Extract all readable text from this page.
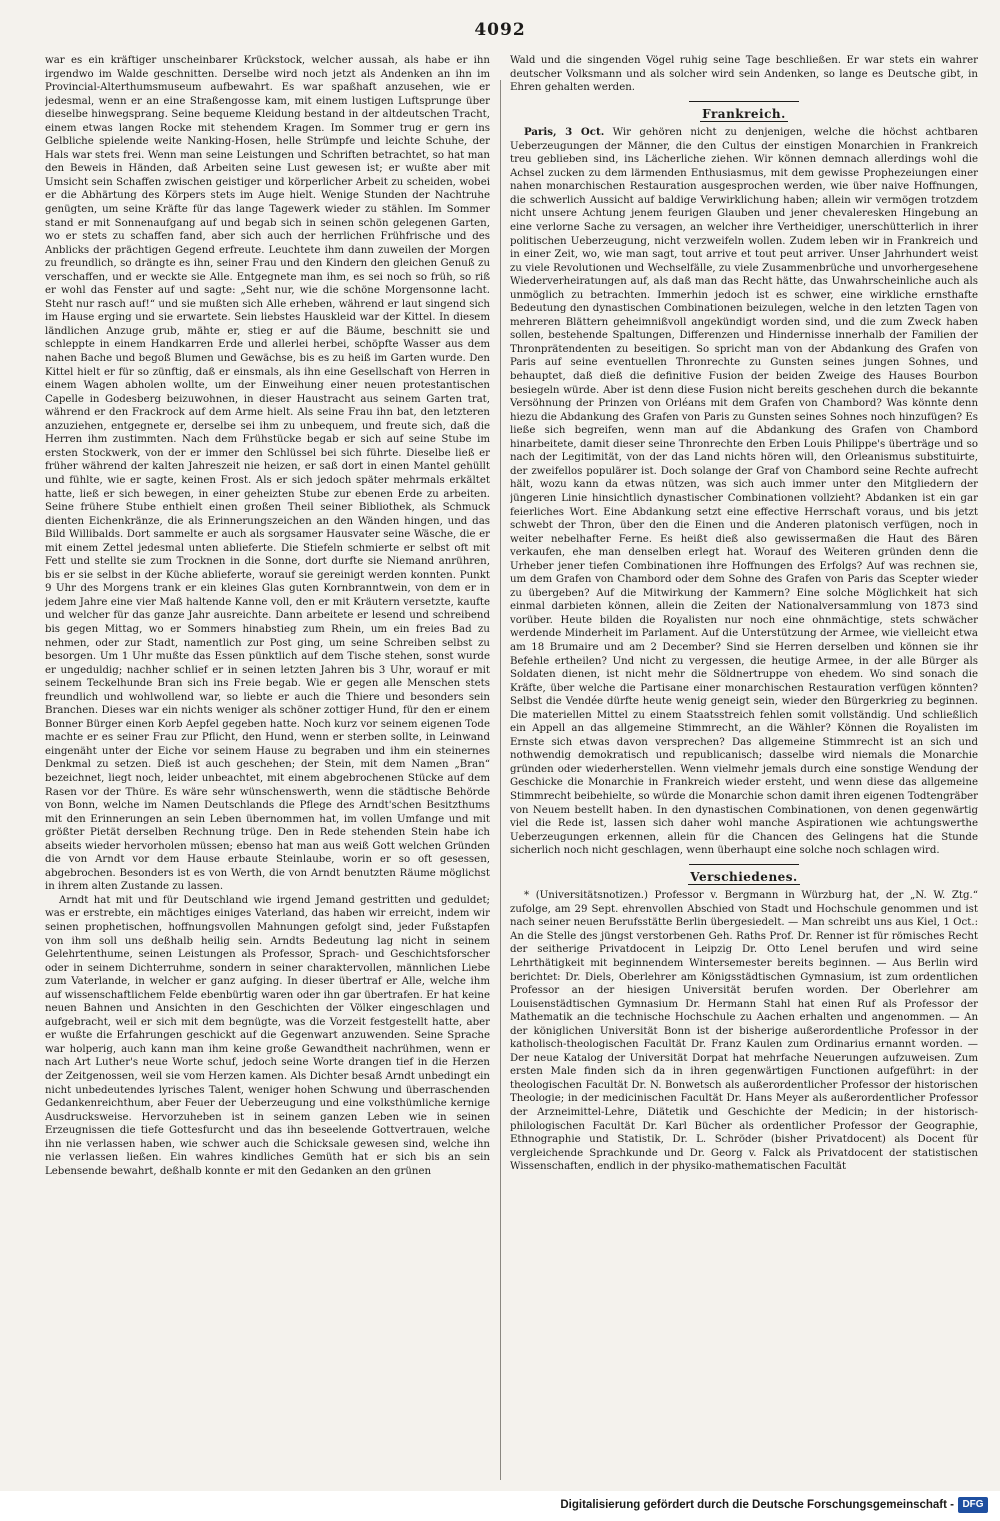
4092

war es ein kräftiger unscheinbarer Krückstock, welcher aussah, als habe er ihn irgendwo im Walde geschnitten. Derselbe wird noch jetzt als Andenken an ihn im Provincial-Alterthumsmuseum aufbewahrt. Es war spaßhaft anzusehen, wie er jedesmal, wenn er an eine Straßengosse kam, mit einem lustigen Luftsprunge über dieselbe hinwegsprang. Seine bequeme Kleidung bestand in der altdeutschen Tracht, einem etwas langen Rocke mit stehendem Kragen. Im Sommer trug er gern ins Gelbliche spielende weite Nanking-Hosen, helle Strümpfe und leichte Schuhe, der Hals war stets frei. Wenn man seine Leistungen und Schriften betrachtet, so hat man den Beweis in Händen, daß Arbeiten seine Lust gewesen ist; er wußte aber mit Umsicht sein Schaffen zwischen geistiger und körperlicher Arbeit zu scheiden, wobei er die Abhärtung des Körpers stets im Auge hielt. Wenige Stunden der Nachtruhe genügten, um seine Kräfte für das lange Tagewerk wieder zu stählen. Im Sommer stand er mit Sonnenaufgang auf und begab sich in seinen schön gelegenen Garten, wo er stets zu schaffen fand, aber sich auch der herrlichen Frühfrische und des Anblicks der prächtigen Gegend erfreute. Leuchtete ihm dann zuweilen der Morgen zu freundlich, so drängte es ihn, seiner Frau und den Kindern den gleichen Genuß zu verschaffen, und er weckte sie Alle. Entgegnete man ihm, es sei noch so früh, so riß er wohl das Fenster auf und sagte: „Seht nur, wie die schöne Morgensonne lacht. Steht nur rasch auf!“ und sie mußten sich Alle erheben, während er laut singend sich im Hause erging und sie erwartete. Sein liebstes Hauskleid war der Kittel. In diesem ländlichen Anzuge grub, mähte er, stieg er auf die Bäume, beschnitt sie und schleppte in einem Handkarren Erde und allerlei herbei, schöpfte Wasser aus dem nahen Bache und begoß Blumen und Gewächse, bis es zu heiß im Garten wurde. Den Kittel hielt er für so zünftig, daß er einsmals, als ihn eine Gesellschaft von Herren in einem Wagen abholen wollte, um der Einweihung einer neuen protestantischen Capelle in Godesberg beizuwohnen, in dieser Haustracht aus seinem Garten trat, während er den Frackrock auf dem Arme hielt. Als seine Frau ihn bat, den letzteren anzuziehen, entgegnete er, derselbe sei ihm zu unbequem, und freute sich, daß die Herren ihm zustimmten. Nach dem Frühstücke begab er sich auf seine Stube im ersten Stockwerk, von der er immer den Schlüssel bei sich führte. Dieselbe ließ er früher während der kalten Jahreszeit nie heizen, er saß dort in einen Mantel gehüllt und fühlte, wie er sagte, keinen Frost. Als er sich jedoch später mehrmals erkältet hatte, ließ er sich bewegen, in einer geheizten Stube zur ebenen Erde zu arbeiten. Seine frühere Stube enthielt einen großen Theil seiner Bibliothek, als Schmuck dienten Eichenkränze, die als Erinnerungszeichen an den Wänden hingen, und das Bild Willibalds. Dort sammelte er auch als sorgsamer Hausvater seine Wäsche, die er mit einem Zettel jedesmal unten ablieferte. Die Stiefeln schmierte er selbst oft mit Fett und stellte sie zum Trocknen in die Sonne, dort durfte sie Niemand anrühren, bis er sie selbst in der Küche ablieferte, worauf sie gereinigt werden konnten. Punkt 9 Uhr des Morgens trank er ein kleines Glas guten Kornbranntwein, von dem er in jedem Jahre eine vier Maß haltende Kanne voll, den er mit Kräutern versetzte, kaufte und welcher für das ganze Jahr ausreichte. Dann arbeitete er lesend und schreibend bis gegen Mittag, wo er Sommers hinabstieg zum Rhein, um ein freies Bad zu nehmen, oder zur Stadt, namentlich zur Post ging, um seine Schreiben selbst zu besorgen. Um 1 Uhr mußte das Essen pünktlich auf dem Tische stehen, sonst wurde er ungeduldig; nachher schlief er in seinen letzten Jahren bis 3 Uhr, worauf er mit seinem Teckelhunde Bran sich ins Freie begab. Wie er gegen alle Menschen stets freundlich und wohlwollend war, so liebte er auch die Thiere und besonders sein Branchen. Dieses war ein nichts weniger als schöner zottiger Hund, für den er einem Bonner Bürger einen Korb Aepfel gegeben hatte. Noch kurz vor seinem eigenen Tode machte er es seiner Frau zur Pflicht, den Hund, wenn er sterben sollte, in Leinwand eingenäht unter der Eiche vor seinem Hause zu begraben und ihm ein steinernes Denkmal zu setzen. Dieß ist auch geschehen; der Stein, mit dem Namen „Bran“ bezeichnet, liegt noch, leider unbeachtet, mit einem abgebrochenen Stücke auf dem Rasen vor der Thüre. Es wäre sehr wünschenswerth, wenn die städtische Behörde von Bonn, welche im Namen Deutschlands die Pflege des Arndt'schen Besitzthums mit den Erinnerungen an sein Leben übernommen hat, im vollen Umfange und mit größter Pietät derselben Rechnung trüge. Den in Rede stehenden Stein habe ich abseits wieder hervorholen müssen; ebenso hat man aus weiß Gott welchen Gründen die von Arndt vor dem Hause erbaute Steinlaube, worin er so oft gesessen, abgebrochen. Besonders ist es von Werth, die von Arndt benutzten Räume möglichst in ihrem alten Zustande zu lassen.

Arndt hat mit und für Deutschland wie irgend Jemand gestritten und geduldet; was er erstrebte, ein mächtiges einiges Vaterland, das haben wir erreicht, indem wir seinen prophetischen, hoffnungsvollen Mahnungen gefolgt sind, jeder Fußstapfen von ihm soll uns deßhalb heilig sein. Arndts Bedeutung lag nicht in seinem Gelehrtenthume, seinen Leistungen als Professor, Sprach- und Geschichtsforscher oder in seinem Dichterruhme, sondern in seiner charaktervollen, männlichen Liebe zum Vaterlande, in welcher er ganz aufging. In dieser übertraf er Alle, welche ihm auf wissenschaftlichem Felde ebenbürtig waren oder ihn gar übertrafen. Er hat keine neuen Bahnen und Ansichten in den Geschichten der Völker eingeschlagen und aufgebracht, weil er sich mit dem begnügte, was die Vorzeit festgestellt hatte, aber er wußte die Erfahrungen geschickt auf die Gegenwart anzuwenden. Seine Sprache war holperig, auch kann man ihm keine große Gewandtheit nachrühmen, wenn er nach Art Luther's neue Worte schuf, jedoch seine Worte drangen tief in die Herzen der Zeitgenossen, weil sie vom Herzen kamen. Als Dichter besaß Arndt unbedingt ein nicht unbedeutendes lyrisches Talent, weniger hohen Schwung und überraschenden Gedankenreichthum, aber Feuer der Ueberzeugung und eine volksthümliche kernige Ausdrucksweise. Hervorzuheben ist in seinem ganzen Leben wie in seinen Erzeugnissen die tiefe Gottesfurcht und das ihn beseelende Gottvertrauen, welche ihn nie verlassen haben, wie schwer auch die Schicksale gewesen sind, welche ihn nie verlassen ließen. Ein wahres kindliches Gemüth hat er sich bis an sein Lebensende bewahrt, deßhalb konnte er mit den Gedanken an den grünen

Wald und die singenden Vögel ruhig seine Tage beschließen. Er war stets ein wahrer deutscher Volksmann und als solcher wird sein Andenken, so lange es Deutsche gibt, in Ehren gehalten werden.

Frankreich.

Paris, 3 Oct. Wir gehören nicht zu denjenigen, welche die höchst achtbaren Ueberzeugungen der Männer, die den Cultus der einstigen Monarchien in Frankreich treu geblieben sind, ins Lächerliche ziehen. Wir können demnach allerdings wohl die Achsel zucken zu dem lärmenden Enthusiasmus, mit dem gewisse Prophezeiungen einer nahen monarchischen Restauration ausgesprochen werden, wie über naive Hoffnungen, die schwerlich Aussicht auf baldige Verwirklichung haben; allein wir vermögen trotzdem nicht unsere Achtung jenem feurigen Glauben und jener chevaleresken Hingebung an eine verlorne Sache zu versagen, an welcher ihre Vertheidiger, unerschütterlich in ihrer politischen Ueberzeugung, nicht verzweifeln wollen. Zudem leben wir in Frankreich und in einer Zeit, wo, wie man sagt, tout arrive et tout peut arriver. Unser Jahrhundert weist zu viele Revolutionen und Wechselfälle, zu viele Zusammenbrüche und unvorhergesehene Wiederverheiratungen auf, als daß man das Recht hätte, das Unwahrscheinliche auch als unmöglich zu betrachten. Immerhin jedoch ist es schwer, eine wirkliche ernsthafte Bedeutung den dynastischen Combinationen beizulegen, welche in den letzten Tagen von mehreren Blättern geheimnißvoll angekündigt worden sind, und die zum Zweck haben sollen, bestehende Spaltungen, Differenzen und Hindernisse innerhalb der Familien der Thronprätendenten zu beseitigen. So spricht man von der Abdankung des Grafen von Paris auf seine eventuellen Thronrechte zu Gunsten seines jungen Sohnes, und behauptet, daß dieß die definitive Fusion der beiden Zweige des Hauses Bourbon besiegeln würde. Aber ist denn diese Fusion nicht bereits geschehen durch die bekannte Versöhnung der Prinzen von Orléans mit dem Grafen von Chambord? Was könnte denn hiezu die Abdankung des Grafen von Paris zu Gunsten seines Sohnes noch hinzufügen? Es ließe sich begreifen, wenn man auf die Abdankung des Grafen von Chambord hinarbeitete, damit dieser seine Thronrechte den Erben Louis Philippe's überträge und so nach der Legitimität, von der das Land nichts hören will, den Orleanismus substituirte, der zweifellos populärer ist. Doch solange der Graf von Chambord seine Rechte aufrecht hält, wozu kann da etwas nützen, was sich auch immer unter den Mitgliedern der jüngeren Linie hinsichtlich dynastischer Combinationen vollzieht? Abdanken ist ein gar feierliches Wort. Eine Abdankung setzt eine effective Herrschaft voraus, und bis jetzt schwebt der Thron, über den die Einen und die Anderen platonisch verfügen, noch in weiter nebelhafter Ferne. Es heißt dieß also gewissermaßen die Haut des Bären verkaufen, ehe man denselben erlegt hat. Worauf des Weiteren gründen denn die Urheber jener tiefen Combinationen ihre Hoffnungen des Erfolgs? Auf was rechnen sie, um dem Grafen von Chambord oder dem Sohne des Grafen von Paris das Scepter wieder zu übergeben? Auf die Mitwirkung der Kammern? Eine solche Möglichkeit hat sich einmal darbieten können, allein die Zeiten der Nationalversammlung von 1873 sind vorüber. Heute bilden die Royalisten nur noch eine ohnmächtige, stets schwächer werdende Minderheit im Parlament. Auf die Unterstützung der Armee, wie vielleicht etwa am 18 Brumaire und am 2 December? Sind sie Herren derselben und können sie ihr Befehle ertheilen? Und nicht zu vergessen, die heutige Armee, in der alle Bürger als Soldaten dienen, ist nicht mehr die Söldnertruppe von ehedem. Wo sind sonach die Kräfte, über welche die Partisane einer monarchischen Restauration verfügen könnten? Selbst die Vendée dürfte heute wenig geneigt sein, wieder den Bürgerkrieg zu beginnen. Die materiellen Mittel zu einem Staatsstreich fehlen somit vollständig. Und schließlich ein Appell an das allgemeine Stimmrecht, an die Wähler? Können die Royalisten im Ernste sich etwas davon versprechen? Das allgemeine Stimmrecht ist an sich und nothwendig demokratisch und republicanisch; dasselbe wird niemals die Monarchie gründen oder wiederherstellen. Wenn vielmehr jemals durch eine sonstige Wendung der Geschicke die Monarchie in Frankreich wieder ersteht, und wenn diese das allgemeine Stimmrecht beibehielte, so würde die Monarchie schon damit ihren eigenen Todtengräber von Neuem bestellt haben. In den dynastischen Combinationen, von denen gegenwärtig viel die Rede ist, lassen sich daher wohl manche Aspirationen wie achtungswerthe Ueberzeugungen erkennen, allein für die Chancen des Gelingens hat die Stunde sicherlich noch nicht geschlagen, wenn überhaupt eine solche noch schlagen wird.

Verschiedenes.

* (Universitätsnotizen.) Professor v. Bergmann in Würzburg hat, der „N. W. Ztg.“ zufolge, am 29 Sept. ehrenvollen Abschied von Stadt und Hochschule genommen und ist nach seiner neuen Berufsstätte Berlin übergesiedelt. — Man schreibt uns aus Kiel, 1 Oct.: An die Stelle des jüngst verstorbenen Geh. Raths Prof. Dr. Renner ist für römisches Recht der seitherige Privatdocent in Leipzig Dr. Otto Lenel berufen und wird seine Lehrthätigkeit mit beginnendem Wintersemester bereits beginnen. — Aus Berlin wird berichtet: Dr. Diels, Oberlehrer am Königsstädtischen Gymnasium, ist zum ordentlichen Professor an der hiesigen Universität berufen worden. Der Oberlehrer am Louisenstädtischen Gymnasium Dr. Hermann Stahl hat einen Ruf als Professor der Mathematik an die technische Hochschule zu Aachen erhalten und angenommen. — An der königlichen Universität Bonn ist der bisherige außerordentliche Professor in der katholisch-theologischen Facultät Dr. Franz Kaulen zum Ordinarius ernannt worden. — Der neue Katalog der Universität Dorpat hat mehrfache Neuerungen aufzuweisen. Zum ersten Male finden sich da in ihren gegenwärtigen Functionen aufgeführt: in der theologischen Facultät Dr. N. Bonwetsch als außerordentlicher Professor der historischen Theologie; in der medicinischen Facultät Dr. Hans Meyer als außerordentlicher Professor der Arzneimittel-Lehre, Diätetik und Geschichte der Medicin; in der historisch-philologischen Facultät Dr. Karl Bücher als ordentlicher Professor der Geographie, Ethnographie und Statistik, Dr. L. Schröder (bisher Privatdocent) als Docent für vergleichende Sprachkunde und Dr. Georg v. Falck als Privatdocent der statistischen Wissenschaften, endlich in der physiko-mathematischen Facultät

Digitalisierung gefördert durch die Deutsche Forschungsgemeinschaft - DFG
